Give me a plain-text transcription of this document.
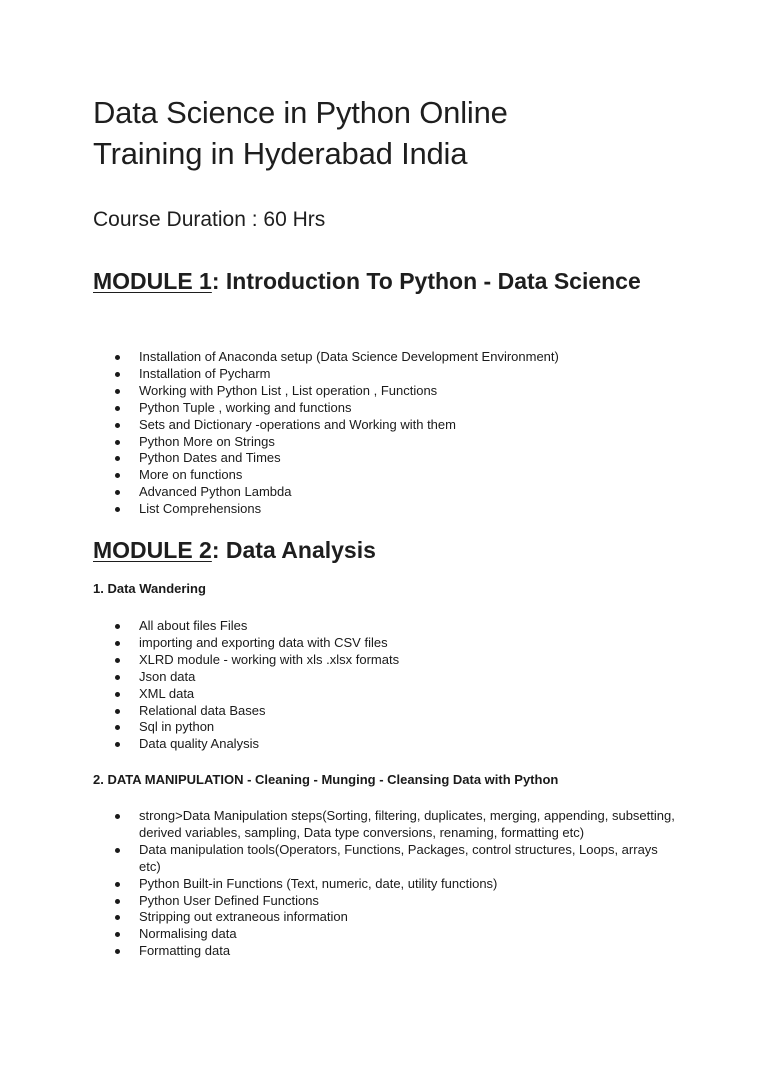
Data Science in Python Online
Training in Hyderabad India

Course Duration : 60 Hrs

MODULE 1: Introduction To Python - Data Science
Installation of Anaconda setup (Data Science Development Environment)
Installation of Pycharm
Working with Python List , List operation , Functions
Python Tuple , working and functions
Sets and Dictionary -operations and Working with them
Python More on Strings
Python Dates and Times
More on functions
Advanced Python Lambda
List Comprehensions
MODULE 2: Data Analysis

1. Data Wandering

All about files Files
importing and exporting data with CSV files
XLRD module - working with xls .xlsx formats
Json data
XML data
Relational data Bases
Sql in python
Data quality Analysis

2. DATA MANIPULATION - Cleaning - Munging - Cleansing Data with Python

strong>Data Manipulation steps(Sorting, filtering, duplicates, merging, appending, subsetting, derived variables, sampling, Data type conversions, renaming, formatting etc)
Data manipulation tools(Operators, Functions, Packages, control structures, Loops, arrays etc)
Python Built-in Functions (Text, numeric, date, utility functions)
Python User Defined Functions
Stripping out extraneous information
Normalising data
Formatting data
